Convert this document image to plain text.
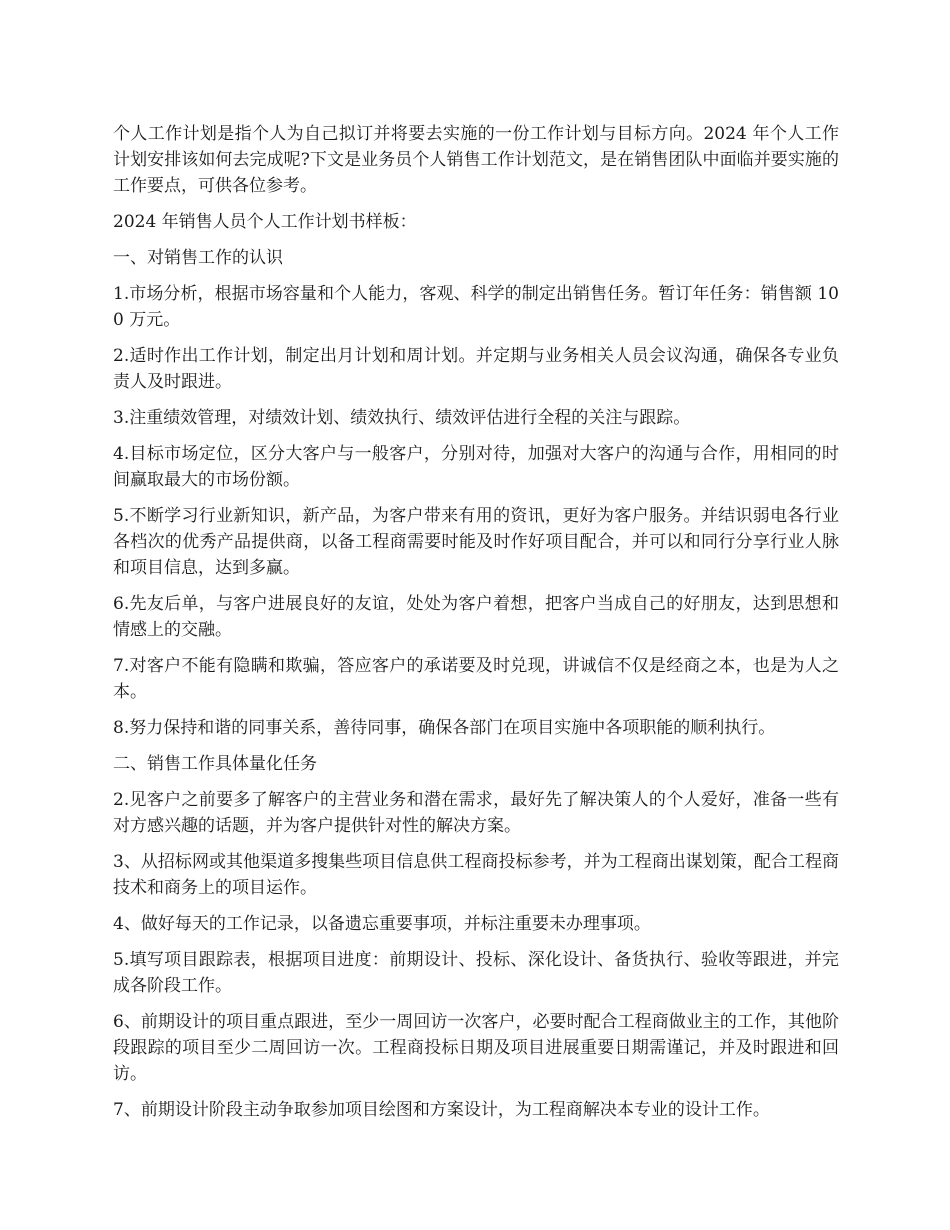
个人工作计划是指个人为自己拟订并将要去实施的一份工作计划与目标方向。2024 年个人工作计划安排该如何去完成呢?下文是业务员个人销售工作计划范文，是在销售团队中面临并要实施的工作要点，可供各位参考。

2024 年销售人员个人工作计划书样板：

一、对销售工作的认识

1.市场分析，根据市场容量和个人能力，客观、科学的制定出销售任务。暂订年任务：销售额 100 万元。

2.适时作出工作计划，制定出月计划和周计划。并定期与业务相关人员会议沟通，确保各专业负责人及时跟进。

3.注重绩效管理，对绩效计划、绩效执行、绩效评估进行全程的关注与跟踪。

4.目标市场定位，区分大客户与一般客户，分别对待，加强对大客户的沟通与合作，用相同的时间赢取最大的市场份额。

5.不断学习行业新知识，新产品，为客户带来有用的资讯，更好为客户服务。并结识弱电各行业各档次的优秀产品提供商，以备工程商需要时能及时作好项目配合，并可以和同行分享行业人脉和项目信息，达到多赢。

6.先友后单，与客户进展良好的友谊，处处为客户着想，把客户当成自己的好朋友，达到思想和情感上的交融。

7.对客户不能有隐瞒和欺骗，答应客户的承诺要及时兑现，讲诚信不仅是经商之本，也是为人之本。

8.努力保持和谐的同事关系，善待同事，确保各部门在项目实施中各项职能的顺利执行。

二、销售工作具体量化任务

2.见客户之前要多了解客户的主营业务和潜在需求，最好先了解决策人的个人爱好，准备一些有对方感兴趣的话题，并为客户提供针对性的解决方案。

3、从招标网或其他渠道多搜集些项目信息供工程商投标参考，并为工程商出谋划策，配合工程商技术和商务上的项目运作。

4、做好每天的工作记录，以备遗忘重要事项，并标注重要未办理事项。

5.填写项目跟踪表，根据项目进度：前期设计、投标、深化设计、备货执行、验收等跟进，并完成各阶段工作。

6、前期设计的项目重点跟进，至少一周回访一次客户，必要时配合工程商做业主的工作，其他阶段跟踪的项目至少二周回访一次。工程商投标日期及项目进展重要日期需谨记，并及时跟进和回访。

7、前期设计阶段主动争取参加项目绘图和方案设计，为工程商解决本专业的设计工作。
